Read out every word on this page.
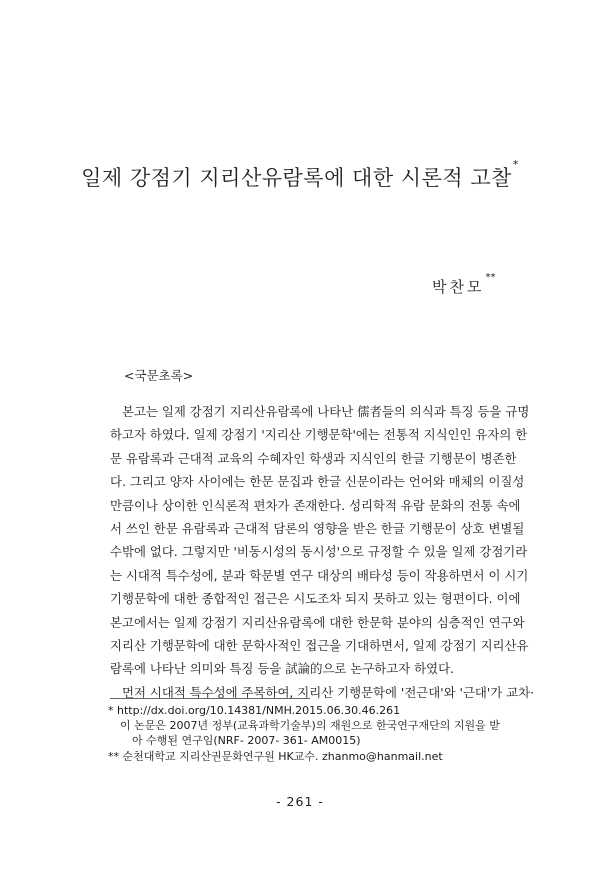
일제 강점기 지리산유람록에 대한 시론적 고찰*
박찬모**
<국문초록>

본고는 일제 강점기 지리산유람록에 나타난 儒者들의 의식과 특징 등을 규명

하고자 하였다. 일제 강점기 '지리산 기행문학'에는 전통적 지식인인 유자의 한

문 유람록과 근대적 교육의 수혜자인 학생과 지식인의 한글 기행문이 병존한

다. 그리고 양자 사이에는 한문 문집과 한글 신문이라는 언어와 매체의 이질성

만큼이나 상이한 인식론적 편차가 존재한다. 성리학적 유람 문화의 전통 속에

서 쓰인 한문 유람록과 근대적 담론의 영향을 받은 한글 기행문이 상호 변별될

수밖에 없다. 그렇지만 '비동시성의 동시성'으로 규정할 수 있을 일제 강점기라

는 시대적 특수성에, 분과 학문별 연구 대상의 배타성 등이 작용하면서 이 시기

기행문학에 대한 종합적인 접근은 시도조차 되지 못하고 있는 형편이다. 이에

본고에서는 일제 강점기 지리산유람록에 대한 한문학 분야의 심층적인 연구와

지리산 기행문학에 대한 문학사적인 접근을 기대하면서, 일제 강점기 지리산유

람록에 나타난 의미와 특징 등을 試論的으로 논구하고자 하였다.

먼저 시대적 특수성에 주목하여, 지리산 기행문학에 '전근대'와 '근대'가 교차·

* http://dx.doi.org/10.14381/NMH.2015.06.30.46.261

이 논문은 2007년 정부(교육과학기술부)의 재원으로 한국연구재단의 지원을 받

아 수행된 연구임(NRF- 2007- 361- AM0015)

** 순천대학교 지리산권문화연구원 HK교수. zhanmo@hanmail.net

- 261 -
